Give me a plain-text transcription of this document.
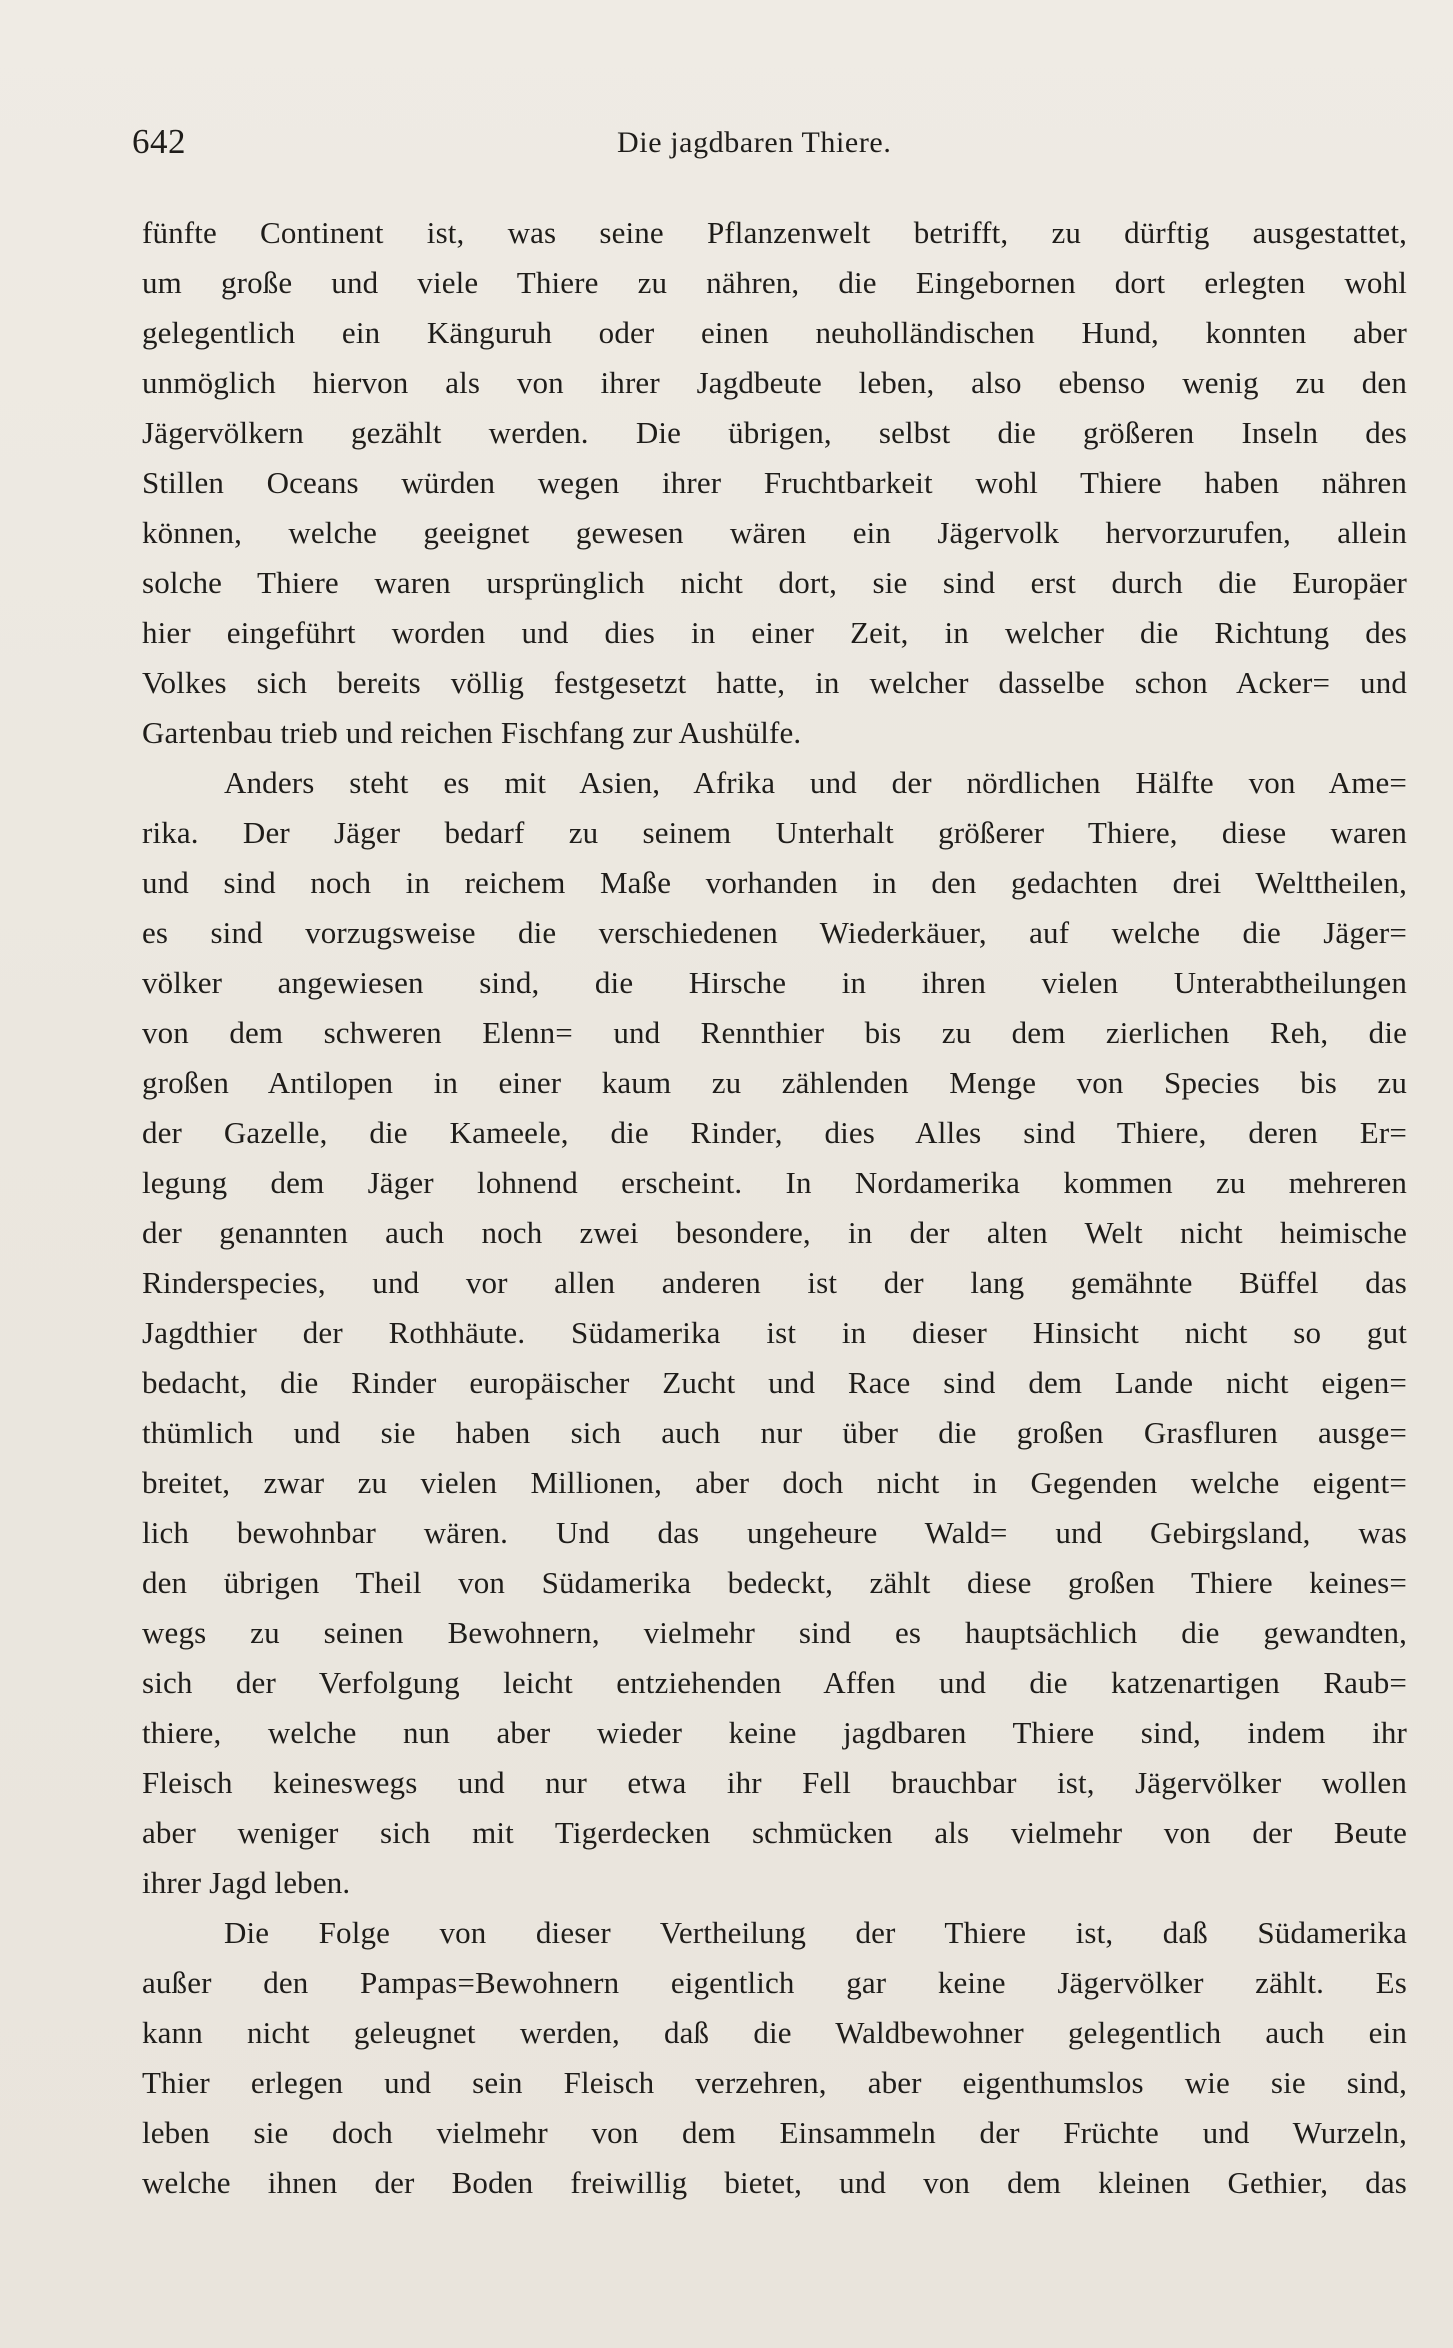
642	Die jagdbaren Thiere.
fünfte Continent ist, was seine Pflanzenwelt betrifft, zu dürftig ausgestattet,
um große und viele Thiere zu nähren, die Eingebornen dort erlegten wohl
gelegentlich ein Känguruh oder einen neuholländischen Hund, konnten aber
unmöglich hiervon als von ihrer Jagdbeute leben, also ebenso wenig zu den
Jägervölkern gezählt werden. Die übrigen, selbst die größeren Inseln des
Stillen Oceans würden wegen ihrer Fruchtbarkeit wohl Thiere haben nähren
können, welche geeignet gewesen wären ein Jägervolk hervorzurufen, allein
solche Thiere waren ursprünglich nicht dort, sie sind erst durch die Europäer
hier eingeführt worden und dies in einer Zeit, in welcher die Richtung des
Volkes sich bereits völlig festgesetzt hatte, in welcher dasselbe schon Acker= und
Gartenbau trieb und reichen Fischfang zur Aushülfe.
Anders steht es mit Asien, Afrika und der nördlichen Hälfte von Ame=
rika. Der Jäger bedarf zu seinem Unterhalt größerer Thiere, diese waren
und sind noch in reichem Maße vorhanden in den gedachten drei Welttheilen,
es sind vorzugsweise die verschiedenen Wiederkäuer, auf welche die Jäger=
völker angewiesen sind, die Hirsche in ihren vielen Unterabtheilungen
von dem schweren Elenn= und Rennthier bis zu dem zierlichen Reh, die
großen Antilopen in einer kaum zu zählenden Menge von Species bis zu
der Gazelle, die Kameele, die Rinder, dies Alles sind Thiere, deren Er=
legung dem Jäger lohnend erscheint. In Nordamerika kommen zu mehreren
der genannten auch noch zwei besondere, in der alten Welt nicht heimische
Rinderspecies, und vor allen anderen ist der lang gemähnte Büffel das
Jagdthier der Rothhäute. Südamerika ist in dieser Hinsicht nicht so gut
bedacht, die Rinder europäischer Zucht und Race sind dem Lande nicht eigen=
thümlich und sie haben sich auch nur über die großen Grasfluren ausge=
breitet, zwar zu vielen Millionen, aber doch nicht in Gegenden welche eigent=
lich bewohnbar wären. Und das ungeheure Wald= und Gebirgsland, was
den übrigen Theil von Südamerika bedeckt, zählt diese großen Thiere keines=
wegs zu seinen Bewohnern, vielmehr sind es hauptsächlich die gewandten,
sich der Verfolgung leicht entziehenden Affen und die katzenartigen Raub=
thiere, welche nun aber wieder keine jagdbaren Thiere sind, indem ihr
Fleisch keineswegs und nur etwa ihr Fell brauchbar ist, Jägervölker wollen
aber weniger sich mit Tigerdecken schmücken als vielmehr von der Beute
ihrer Jagd leben.
Die Folge von dieser Vertheilung der Thiere ist, daß Südamerika
außer den Pampas=Bewohnern eigentlich gar keine Jägervölker zählt. Es
kann nicht geleugnet werden, daß die Waldbewohner gelegentlich auch ein
Thier erlegen und sein Fleisch verzehren, aber eigenthumslos wie sie sind,
leben sie doch vielmehr von dem Einsammeln der Früchte und Wurzeln,
welche ihnen der Boden freiwillig bietet, und von dem kleinen Gethier, das
